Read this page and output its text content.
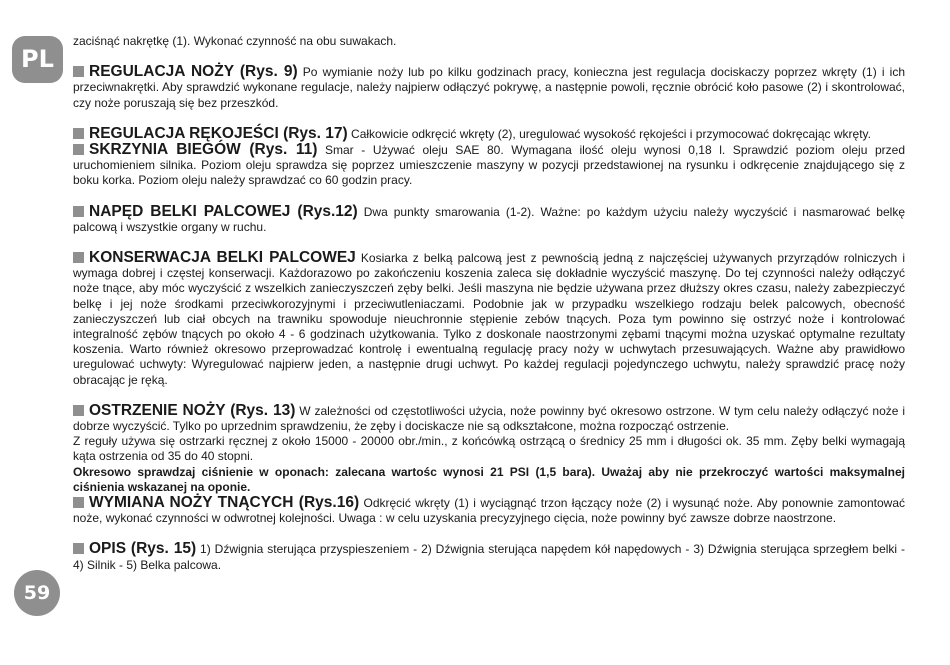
PL
59

zaciśnąć nakrętkę (1). Wykonać czynność na obu suwakach.

REGULACJA NOŻY (Rys. 9) Po wymianie noży lub po kilku godzinach pracy, konieczna jest regulacja dociskaczy poprzez wkręty (1) i ich przeciwnakrętki. Aby sprawdzić wykonane regulacje, należy najpierw odłączyć pokrywę, a następnie powoli, ręcznie obrócić koło pasowe (2) i skontrolować, czy noże poruszają się bez przeszkód.

REGULACJA RĘKOJEŚCI (Rys. 17) Całkowicie odkręcić wkręty (2), uregulować wysokość rękojeści i przymocować dokręcając wkręty.

SKRZYNIA BIEGÓW (Rys. 11) Smar - Używać oleju SAE 80. Wymagana ilość oleju wynosi 0,18 l. Sprawdzić poziom oleju przed uruchomieniem silnika. Poziom oleju sprawdza się poprzez umieszczenie maszyny w pozycji przedstawionej na rysunku i odkręcenie znajdującego się z boku korka. Poziom oleju należy sprawdzać co 60 godzin pracy.

NAPĘD BELKI PALCOWEJ (Rys.12) Dwa punkty smarowania (1-2). Ważne: po każdym użyciu należy wyczyścić i nasmarować belkę palcową i wszystkie organy w ruchu.

KONSERWACJA BELKI PALCOWEJ Kosiarka z belką palcową jest z pewnością jedną z najczęściej używanych przyrządów rolniczych i wymaga dobrej i częstej konserwacji. Każdorazowo po zakończeniu koszenia zaleca się dokładnie wyczyścić maszynę. Do tej czynności należy odłączyć noże tnące, aby móc wyczyścić z wszelkich zanieczyszczeń zęby belki. Jeśli maszyna nie będzie używana przez dłuższy okres czasu, należy zabezpieczyć belkę i jej noże środkami przeciwkorozyjnymi i przeciwutleniaczami. Podobnie jak w przypadku wszelkiego rodzaju belek palcowych, obecność zanieczyszczeń lub ciał obcych na trawniku spowoduje nieuchronnie stępienie zebów tnących. Poza tym powinno się ostrzyć noże i kontrolować integralność zębów tnących po około 4 - 6 godzinach użytkowania. Tylko z doskonale naostrzonymi zębami tnącymi można uzyskać optymalne rezultaty koszenia. Warto również okresowo przeprowadzać kontrolę i ewentualną regulację pracy noży w uchwytach przesuwających. Ważne aby prawidłowo uregulować uchwyty: Wyregulować najpierw jeden, a następnie drugi uchwyt. Po każdej regulacji pojedynczego uchwytu, należy sprawdzić pracę noży obracając je ręką.

OSTRZENIE NOŻY (Rys. 13) W zależności od częstotliwości użycia, noże powinny być okresowo ostrzone. W tym celu należy odłączyć noże i dobrze wyczyścić. Tylko po uprzednim sprawdzeniu, że zęby i dociskacze nie są odkształcone, można rozpocząć ostrzenie.

Z reguły używa się ostrzarki ręcznej z około 15000 - 20000 obr./min., z końcówką ostrzącą o średnicy 25 mm i długości ok. 35 mm. Zęby belki wymagają kąta ostrzenia od 35 do 40 stopni.

Okresowo sprawdzaj ciśnienie w oponach: zalecana wartośc wynosi 21 PSI (1,5 bara). Uważaj aby nie przekroczyć wartości maksymalnej ciśnienia wskazanej na oponie.

WYMIANA NOŻY TNĄCYCH (Rys.16) Odkręcić wkręty (1) i wyciągnąć trzon łączący noże (2) i wysunąć noże. Aby ponownie zamontować noże, wykonać czynności w odwrotnej kolejności. Uwaga : w celu uzyskania precyzyjnego cięcia, noże powinny być zawsze dobrze naostrzone.

OPIS (Rys. 15) 1) Dźwignia sterująca przyspieszeniem - 2) Dźwignia sterująca napędem kół napędowych - 3) Dźwignia sterująca sprzegłem belki - 4) Silnik - 5) Belka palcowa.
